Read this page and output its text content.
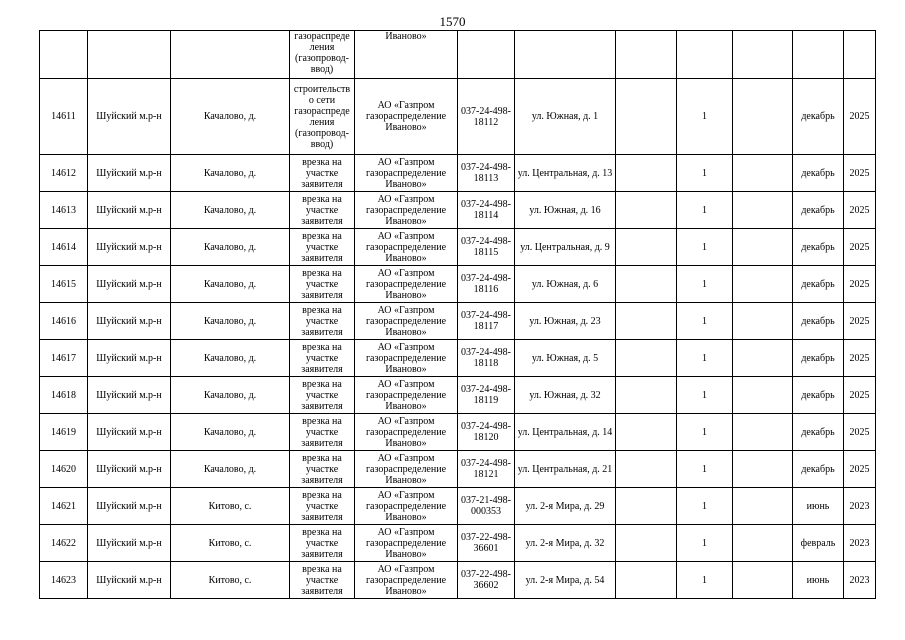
1570
			газораспреде ления (газопровод-ввод)	Иваново»							
14611	Шуйский м.р-н	Качалово, д.	строительств о сети газораспреде ления (газопровод-ввод)	АО «Газпром газораспределение Иваново»	037-24-498-18112	ул. Южная, д. 1		1		декабрь	2025
14612	Шуйский м.р-н	Качалово, д.	врезка на участке заявителя	АО «Газпром газораспределение Иваново»	037-24-498-18113	ул. Центральная, д. 13		1		декабрь	2025
14613	Шуйский м.р-н	Качалово, д.	врезка на участке заявителя	АО «Газпром газораспределение Иваново»	037-24-498-18114	ул. Южная, д. 16		1		декабрь	2025
14614	Шуйский м.р-н	Качалово, д.	врезка на участке заявителя	АО «Газпром газораспределение Иваново»	037-24-498-18115	ул. Центральная, д. 9		1		декабрь	2025
14615	Шуйский м.р-н	Качалово, д.	врезка на участке заявителя	АО «Газпром газораспределение Иваново»	037-24-498-18116	ул. Южная, д. 6		1		декабрь	2025
14616	Шуйский м.р-н	Качалово, д.	врезка на участке заявителя	АО «Газпром газораспределение Иваново»	037-24-498-18117	ул. Южная, д. 23		1		декабрь	2025
14617	Шуйский м.р-н	Качалово, д.	врезка на участке заявителя	АО «Газпром газораспределение Иваново»	037-24-498-18118	ул. Южная, д. 5		1		декабрь	2025
14618	Шуйский м.р-н	Качалово, д.	врезка на участке заявителя	АО «Газпром газораспределение Иваново»	037-24-498-18119	ул. Южная, д. 32		1		декабрь	2025
14619	Шуйский м.р-н	Качалово, д.	врезка на участке заявителя	АО «Газпром газораспределение Иваново»	037-24-498-18120	ул. Центральная, д. 14		1		декабрь	2025
14620	Шуйский м.р-н	Качалово, д.	врезка на участке заявителя	АО «Газпром газораспределение Иваново»	037-24-498-18121	ул. Центральная, д. 21		1		декабрь	2025
14621	Шуйский м.р-н	Китово, с.	врезка на участке заявителя	АО «Газпром газораспределение Иваново»	037-21-498-000353	ул. 2-я Мира, д. 29		1		июнь	2023
14622	Шуйский м.р-н	Китово, с.	врезка на участке заявителя	АО «Газпром газораспределение Иваново»	037-22-498-36601	ул. 2-я Мира, д. 32		1		февраль	2023
14623	Шуйский м.р-н	Китово, с.	врезка на участке заявителя	АО «Газпром газораспределение Иваново»	037-22-498-36602	ул. 2-я Мира, д. 54		1		июнь	2023
